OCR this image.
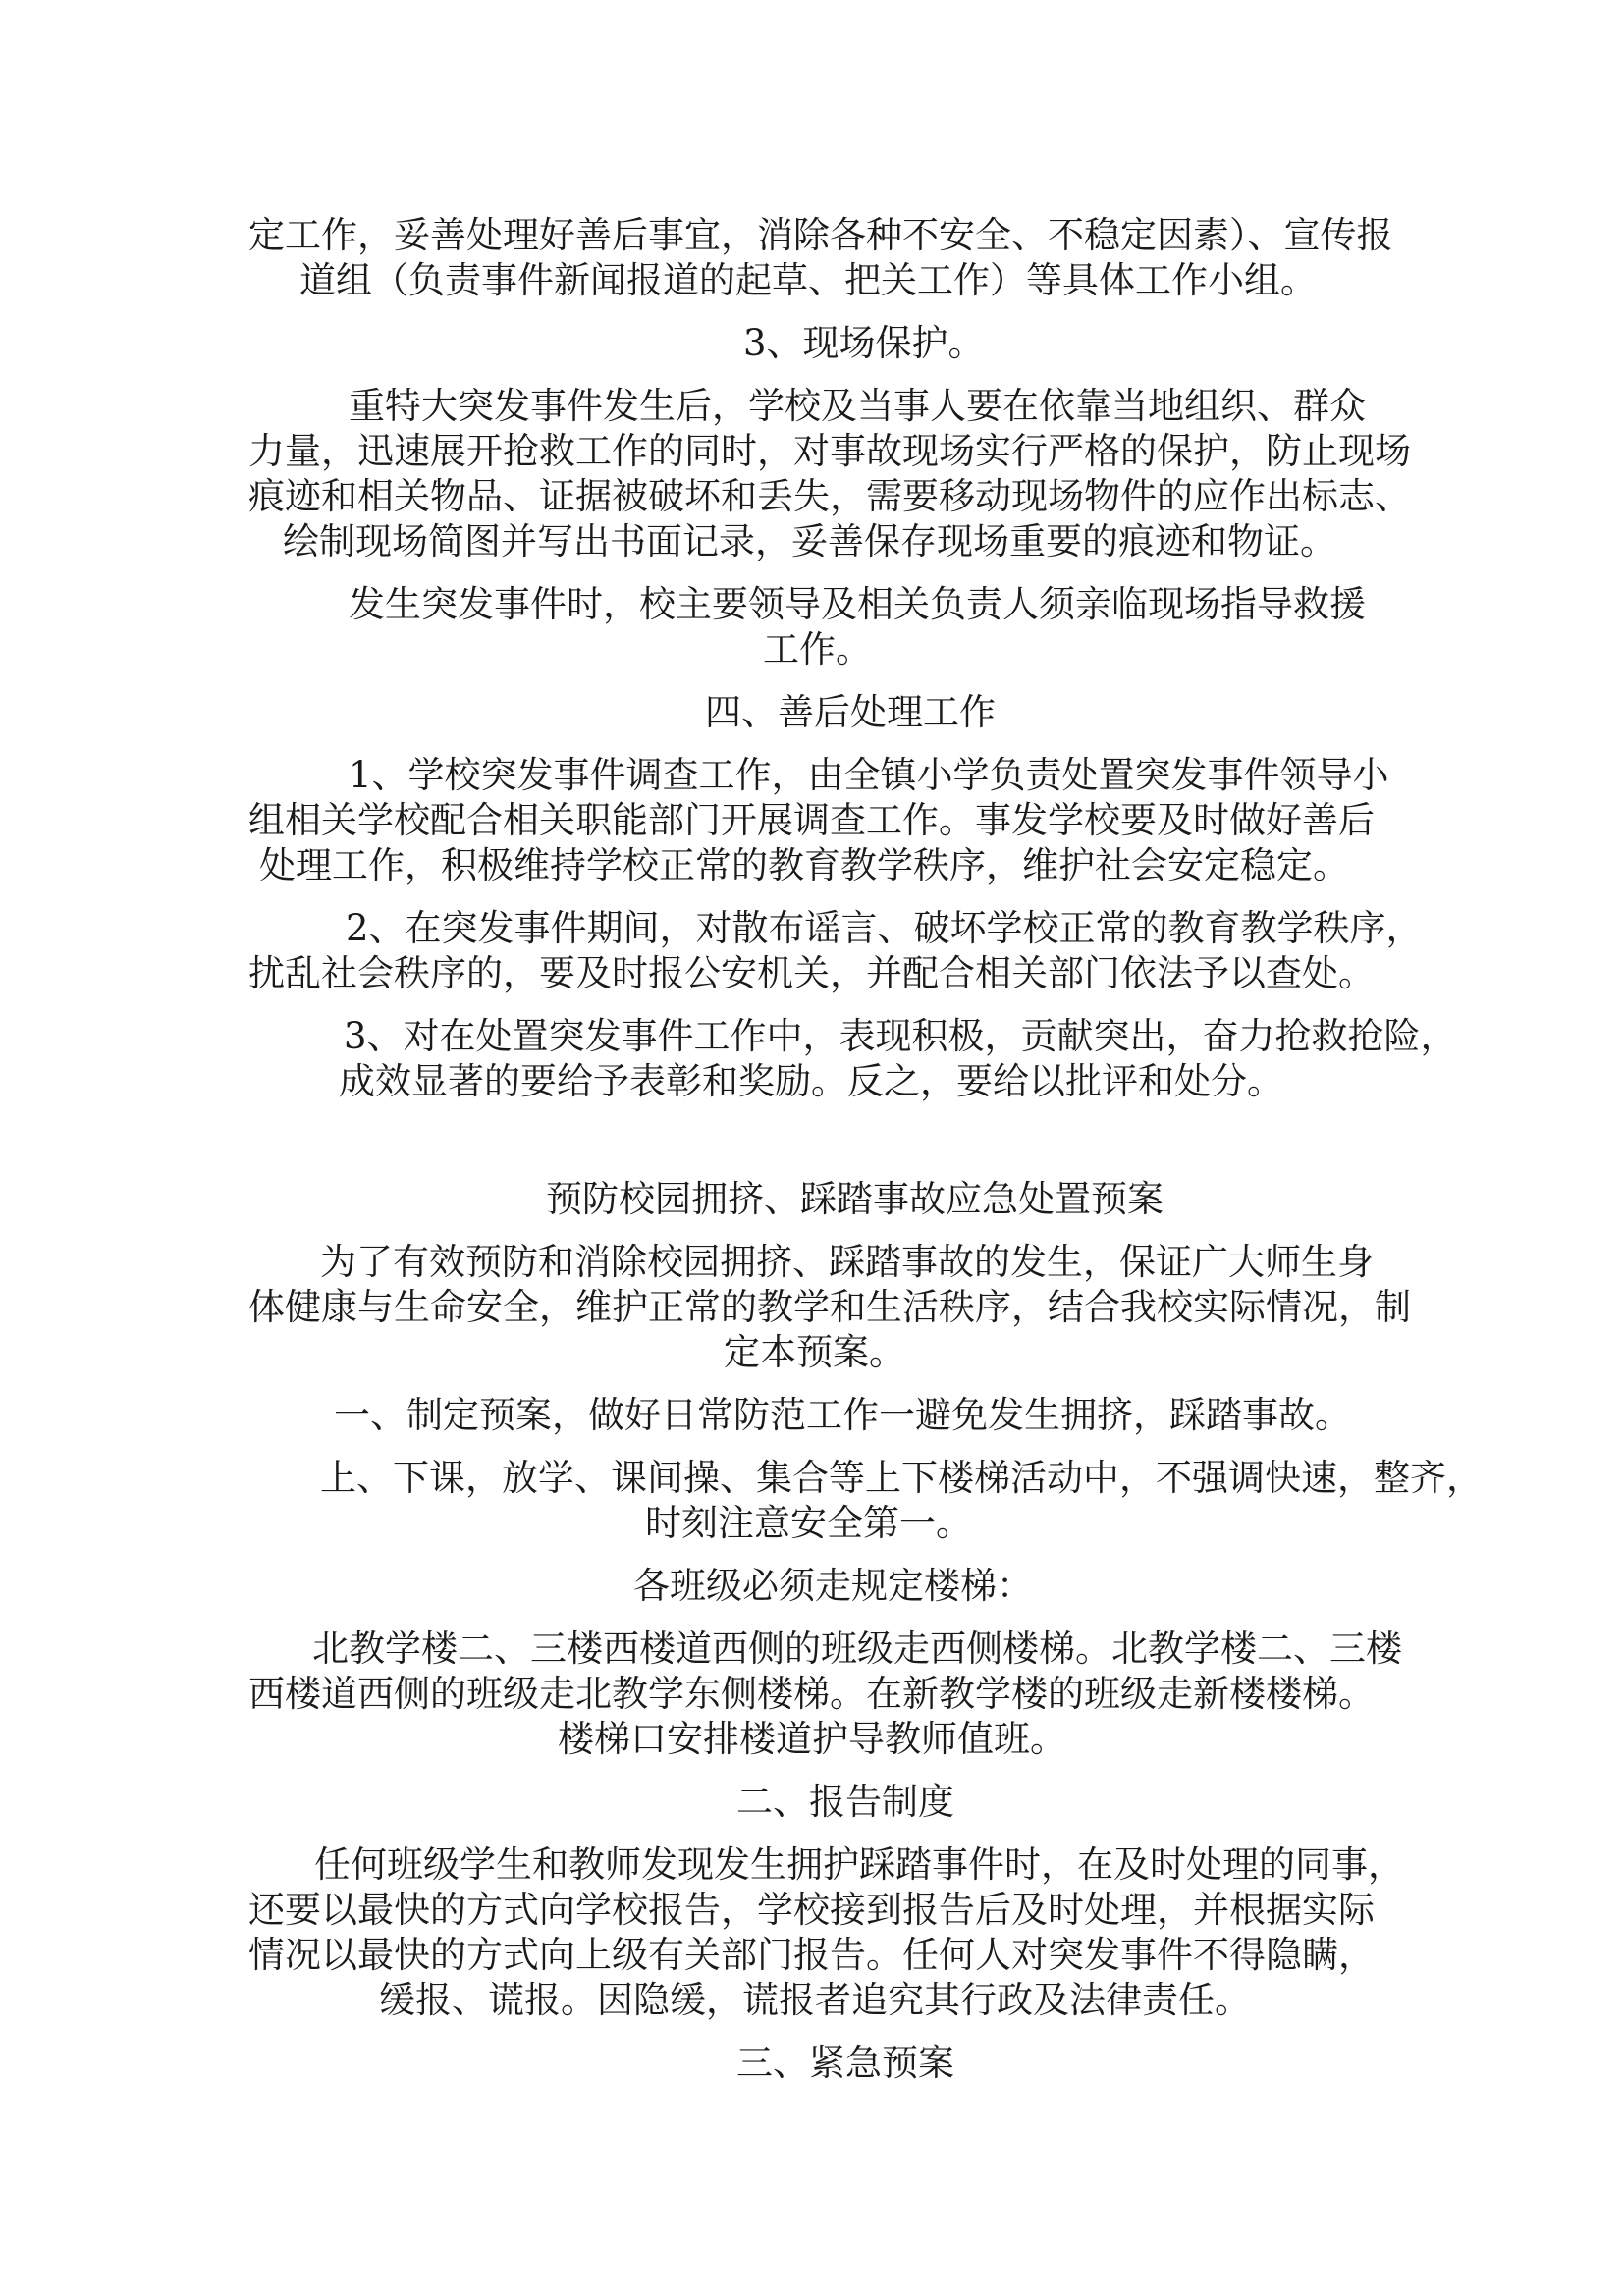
定工作，妥善处理好善后事宜，消除各种不安全、不稳定因素）、宣传报

道组（负责事件新闻报道的起草、把关工作）等具体工作小组。

3、现场保护。

重特大突发事件发生后，学校及当事人要在依靠当地组织、群众

力量，迅速展开抢救工作的同时，对事故现场实行严格的保护，防止现场

痕迹和相关物品、证据被破坏和丢失，需要移动现场物件的应作出标志、

绘制现场简图并写出书面记录，妥善保存现场重要的痕迹和物证。

发生突发事件时，校主要领导及相关负责人须亲临现场指导救援

工作。

四、善后处理工作

1、学校突发事件调查工作，由全镇小学负责处置突发事件领导小

组相关学校配合相关职能部门开展调查工作。事发学校要及时做好善后

处理工作，积极维持学校正常的教育教学秩序，维护社会安定稳定。

2、在突发事件期间，对散布谣言、破坏学校正常的教育教学秩序，

扰乱社会秩序的，要及时报公安机关，并配合相关部门依法予以查处。

3、对在处置突发事件工作中，表现积极，贡献突出，奋力抢救抢险，

成效显著的要给予表彰和奖励。反之，要给以批评和处分。

预防校园拥挤、踩踏事故应急处置预案

为了有效预防和消除校园拥挤、踩踏事故的发生，保证广大师生身

体健康与生命安全，维护正常的教学和生活秩序，结合我校实际情况，制

定本预案。

一、制定预案，做好日常防范工作一避免发生拥挤，踩踏事故。

上、下课，放学、课间操、集合等上下楼梯活动中，不强调快速，整齐，

时刻注意安全第一。

各班级必须走规定楼梯：

北教学楼二、三楼西楼道西侧的班级走西侧楼梯。北教学楼二、三楼

西楼道西侧的班级走北教学东侧楼梯。在新教学楼的班级走新楼楼梯。

楼梯口安排楼道护导教师值班。

二、报告制度

任何班级学生和教师发现发生拥护踩踏事件时，在及时处理的同事，

还要以最快的方式向学校报告，学校接到报告后及时处理，并根据实际

情况以最快的方式向上级有关部门报告。任何人对突发事件不得隐瞒，

缓报、谎报。因隐缓，谎报者追究其行政及法律责任。

三、紧急预案
